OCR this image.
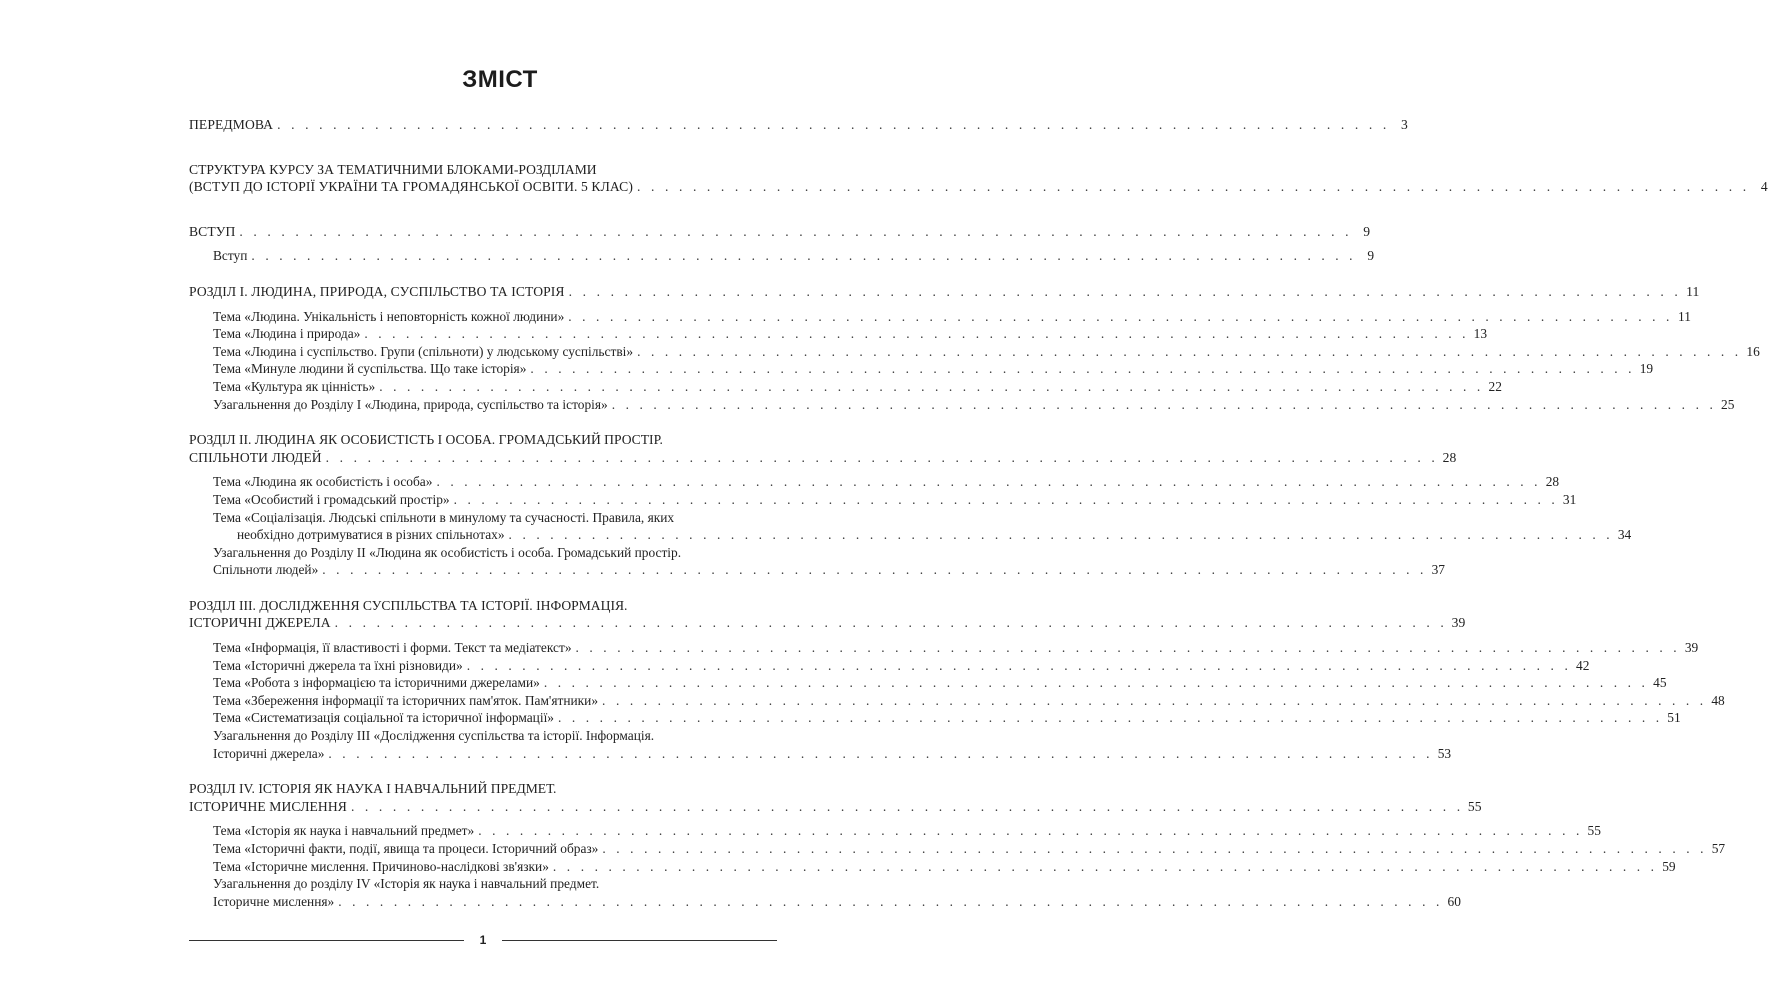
ЗМІСТ
ПЕРЕДМОВА . . . . . . . . . . . . . . . . . . . . . . . . . . . . . . . . . . . . . . . . . . . . . . . . . . . . . . . . . . . . . . . . . . . . . . . . . . . . . . . . 3
СТРУКТУРА КУРСУ ЗА ТЕМАТИЧНИМИ БЛОКАМИ-РОЗДІЛАМИ
(ВСТУП ДО ІСТОРІЇ УКРАЇНИ ТА ГРОМАДЯНСЬКОЇ ОСВІТИ. 5 КЛАС) . . . . . . . . . . . . . . . . . . . . . . . . . . . . . . . . . . . . . . . . . . . . . . . . . . . . . . . . . . . . . . . . . . . . . . . . . . . . . . . . 4
ВСТУП . . . . . . . . . . . . . . . . . . . . . . . . . . . . . . . . . . . . . . . . . . . . . . . . . . . . . . . . . . . . . . . . . . . . . . . . . . . . . . . . 9
Вступ . . . . . . . . . . . . . . . . . . . . . . . . . . . . . . . . . . . . . . . . . . . . . . . . . . . . . . . . . . . . . . . . . . . . . . . . . . . . . . . . 9
РОЗДІЛ І. ЛЮДИНА, ПРИРОДА, СУСПІЛЬСТВО ТА ІСТОРІЯ . . . . . . . . . . . . . . . . . . . . . . . . . . . . . . . . . . . . . . . . . . . . . . . . . . . . . . . . . . . . . . . . . . . . . . . . . . . . . . . . 11
Тема «Людина. Унікальність і неповторність кожної людини» . . . . . . . . . . . . . . . . . . . . . . . . . . . . . . . . . . . . . . . . . . . . . . . . . . . . . . . . . . . . . . . . . . . . . . . . . . . . . . . . 11
Тема «Людина і природа» . . . . . . . . . . . . . . . . . . . . . . . . . . . . . . . . . . . . . . . . . . . . . . . . . . . . . . . . . . . . . . . . . . . . . . . . . . . . . . . . 13
Тема «Людина і суспільство. Групи (спільноти) у людському суспільстві» . . . . . . . . . . . . . . . . . . . . . . . . . . . . . . . . . . . . . . . . . . . . . . . . . . . . . . . . . . . . . . . . . . . . . . . . . . . . . . . . 16
Тема «Минуле людини й суспільства. Що таке історія» . . . . . . . . . . . . . . . . . . . . . . . . . . . . . . . . . . . . . . . . . . . . . . . . . . . . . . . . . . . . . . . . . . . . . . . . . . . . . . . . 19
Тема «Культура як цінність» . . . . . . . . . . . . . . . . . . . . . . . . . . . . . . . . . . . . . . . . . . . . . . . . . . . . . . . . . . . . . . . . . . . . . . . . . . . . . . . . 22
Узагальнення до Розділу І «Людина, природа, суспільство та історія» . . . . . . . . . . . . . . . . . . . . . . . . . . . . . . . . . . . . . . . . . . . . . . . . . . . . . . . . . . . . . . . . . . . . . . . . . . . . . . . . 25
РОЗДІЛ ІІ. ЛЮДИНА ЯК ОСОБИСТІСТЬ І ОСОБА. ГРОМАДСЬКИЙ ПРОСТІР.
СПІЛЬНОТИ ЛЮДЕЙ . . . . . . . . . . . . . . . . . . . . . . . . . . . . . . . . . . . . . . . . . . . . . . . . . . . . . . . . . . . . . . . . . . . . . . . . . . . . . . . . 28
Тема «Людина як особистість і особа» . . . . . . . . . . . . . . . . . . . . . . . . . . . . . . . . . . . . . . . . . . . . . . . . . . . . . . . . . . . . . . . . . . . . . . . . . . . . . . . . 28
Тема «Особистий і громадський простір» . . . . . . . . . . . . . . . . . . . . . . . . . . . . . . . . . . . . . . . . . . . . . . . . . . . . . . . . . . . . . . . . . . . . . . . . . . . . . . . . 31
Тема «Соціалізація. Людські спільноти в минулому та сучасності. Правила, яких
необхідно дотримуватися в різних спільнотах» . . . . . . . . . . . . . . . . . . . . . . . . . . . . . . . . . . . . . . . . . . . . . . . . . . . . . . . . . . . . . . . . . . . . . . . . . . . . . . . . 34
Узагальнення до Розділу ІІ «Людина як особистість і особа. Громадський простір.
Спільноти людей» . . . . . . . . . . . . . . . . . . . . . . . . . . . . . . . . . . . . . . . . . . . . . . . . . . . . . . . . . . . . . . . . . . . . . . . . . . . . . . . . 37
РОЗДІЛ ІІІ. ДОСЛІДЖЕННЯ СУСПІЛЬСТВА ТА ІСТОРІЇ. ІНФОРМАЦІЯ.
ІСТОРИЧНІ ДЖЕРЕЛА . . . . . . . . . . . . . . . . . . . . . . . . . . . . . . . . . . . . . . . . . . . . . . . . . . . . . . . . . . . . . . . . . . . . . . . . . . . . . . . . 39
Тема «Інформація, її властивості і форми. Текст та медіатекст» . . . . . . . . . . . . . . . . . . . . . . . . . . . . . . . . . . . . . . . . . . . . . . . . . . . . . . . . . . . . . . . . . . . . . . . . . . . . . . . . 39
Тема «Історичні джерела та їхні різновиди» . . . . . . . . . . . . . . . . . . . . . . . . . . . . . . . . . . . . . . . . . . . . . . . . . . . . . . . . . . . . . . . . . . . . . . . . . . . . . . . . 42
Тема «Робота з інформацією та історичними джерелами» . . . . . . . . . . . . . . . . . . . . . . . . . . . . . . . . . . . . . . . . . . . . . . . . . . . . . . . . . . . . . . . . . . . . . . . . . . . . . . . . 45
Тема «Збереження інформації та історичних пам'яток. Пам'ятники» . . . . . . . . . . . . . . . . . . . . . . . . . . . . . . . . . . . . . . . . . . . . . . . . . . . . . . . . . . . . . . . . . . . . . . . . . . . . . . . . 48
Тема «Систематизація соціальної та історичної інформації» . . . . . . . . . . . . . . . . . . . . . . . . . . . . . . . . . . . . . . . . . . . . . . . . . . . . . . . . . . . . . . . . . . . . . . . . . . . . . . . . 51
Узагальнення до Розділу ІІІ «Дослідження суспільства та історії. Інформація.
Історичні джерела» . . . . . . . . . . . . . . . . . . . . . . . . . . . . . . . . . . . . . . . . . . . . . . . . . . . . . . . . . . . . . . . . . . . . . . . . . . . . . . . . 53
РОЗДІЛ IV. ІСТОРІЯ ЯК НАУКА І НАВЧАЛЬНИЙ ПРЕДМЕТ.
ІСТОРИЧНЕ МИСЛЕННЯ . . . . . . . . . . . . . . . . . . . . . . . . . . . . . . . . . . . . . . . . . . . . . . . . . . . . . . . . . . . . . . . . . . . . . . . . . . . . . . . . 55
Тема «Історія як наука і навчальний предмет» . . . . . . . . . . . . . . . . . . . . . . . . . . . . . . . . . . . . . . . . . . . . . . . . . . . . . . . . . . . . . . . . . . . . . . . . . . . . . . . . 55
Тема «Історичні факти, події, явища та процеси. Історичний образ» . . . . . . . . . . . . . . . . . . . . . . . . . . . . . . . . . . . . . . . . . . . . . . . . . . . . . . . . . . . . . . . . . . . . . . . . . . . . . . . . 57
Тема «Історичне мислення. Причиново-наслідкові зв'язки» . . . . . . . . . . . . . . . . . . . . . . . . . . . . . . . . . . . . . . . . . . . . . . . . . . . . . . . . . . . . . . . . . . . . . . . . . . . . . . . . 59
Узагальнення до розділу IV «Історія як наука і навчальний предмет.
Історичне мислення» . . . . . . . . . . . . . . . . . . . . . . . . . . . . . . . . . . . . . . . . . . . . . . . . . . . . . . . . . . . . . . . . . . . . . . . . . . . . . . . . 60
1
